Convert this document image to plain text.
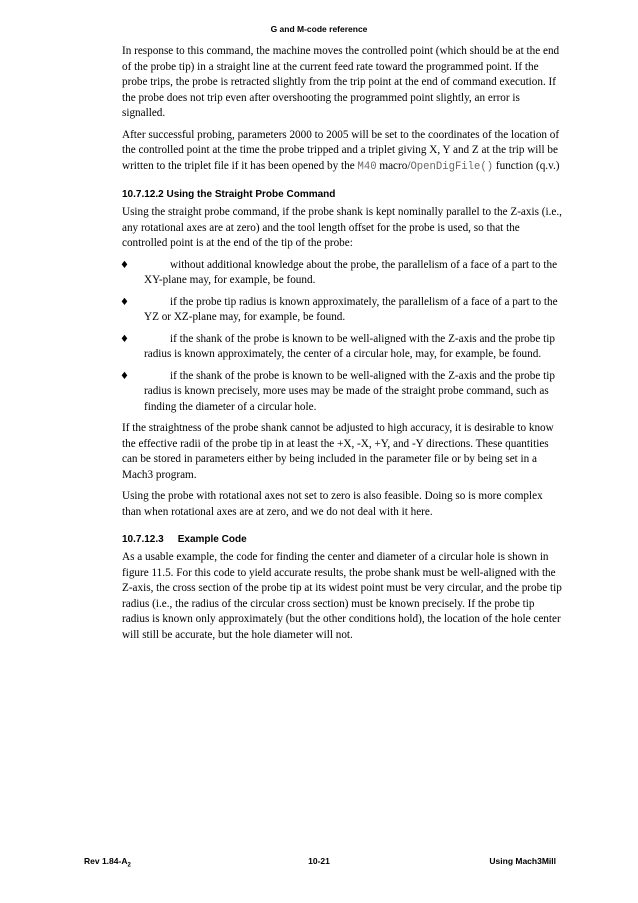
G and M-code reference

In response to this command, the machine moves the controlled point (which should be at the end of the probe tip) in a straight line at the current feed rate toward the programmed point. If the probe trips, the probe is retracted slightly from the trip point at the end of command execution. If the probe does not trip even after overshooting the programmed point slightly, an error is signalled.

After successful probing, parameters 2000 to 2005 will be set to the coordinates of the location of the controlled point at the time the probe tripped and a triplet giving X, Y and Z at the trip will be written to the triplet file if it has been opened by the M40 macro/OpenDigFile() function (q.v.)

10.7.12.2 Using the Straight Probe Command

Using the straight probe command, if the probe shank is kept nominally parallel to the Z-axis (i.e., any rotational axes are at zero) and the tool length offset for the probe is used, so that the controlled point is at the end of the tip of the probe:

♦	without additional knowledge about the probe, the parallelism of a face of a part to the XY-plane may, for example, be found.
♦	if the probe tip radius is known approximately, the parallelism of a face of a part to the YZ or XZ-plane may, for example, be found.
♦	if the shank of the probe is known to be well-aligned with the Z-axis and the probe tip radius is known approximately, the center of a circular hole, may, for example, be found.
♦	if the shank of the probe is known to be well-aligned with the Z-axis and the probe tip radius is known precisely, more uses may be made of the straight probe command, such as finding the diameter of a circular hole.

If the straightness of the probe shank cannot be adjusted to high accuracy, it is desirable to know the effective radii of the probe tip in at least the +X, -X, +Y, and -Y directions. These quantities can be stored in parameters either by being included in the parameter file or by being set in a Mach3 program.

Using the probe with rotational axes not set to zero is also feasible. Doing so is more complex than when rotational axes are at zero, and we do not deal with it here.

10.7.12.3 Example Code

As a usable example, the code for finding the center and diameter of a circular hole is shown in figure 11.5. For this code to yield accurate results, the probe shank must be well-aligned with the Z-axis, the cross section of the probe tip at its widest point must be very circular, and the probe tip radius (i.e., the radius of the circular cross section) must be known precisely. If the probe tip radius is known only approximately (but the other conditions hold), the location of the hole center will still be accurate, but the hole diameter will not.

Rev $1.84-A_2$	10-21	Using Mach3Mill
